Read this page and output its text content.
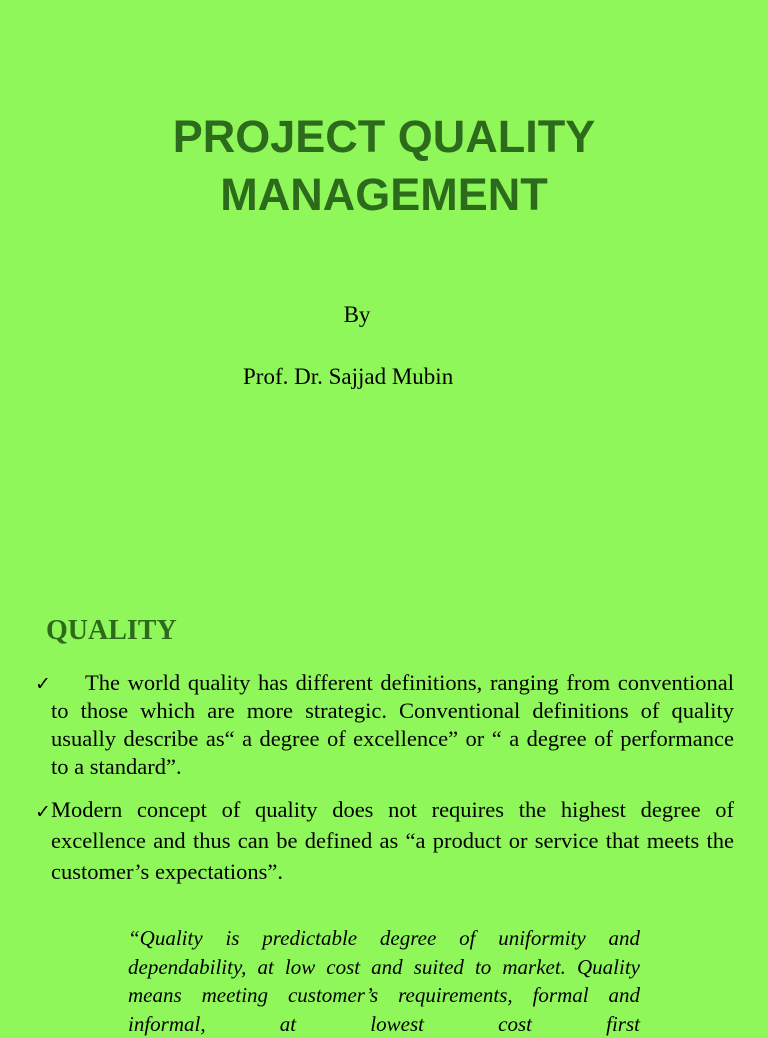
PROJECT QUALITY
MANAGEMENT
By
Prof. Dr. Sajjad Mubin
QUALITY
✓ The world quality has different definitions, ranging from conventional to those which are more strategic. Conventional definitions of quality usually describe as“ a degree of excellence” or “ a degree of performance to a standard”.
✓ Modern concept of quality does not requires the highest degree of excellence and thus can be defined as “a product or service that meets the customer’s expectations”.
“Quality is predictable degree of uniformity and dependability, at low cost and suited to market. Quality means meeting customer’s requirements, formal and informal, at lowest cost first
